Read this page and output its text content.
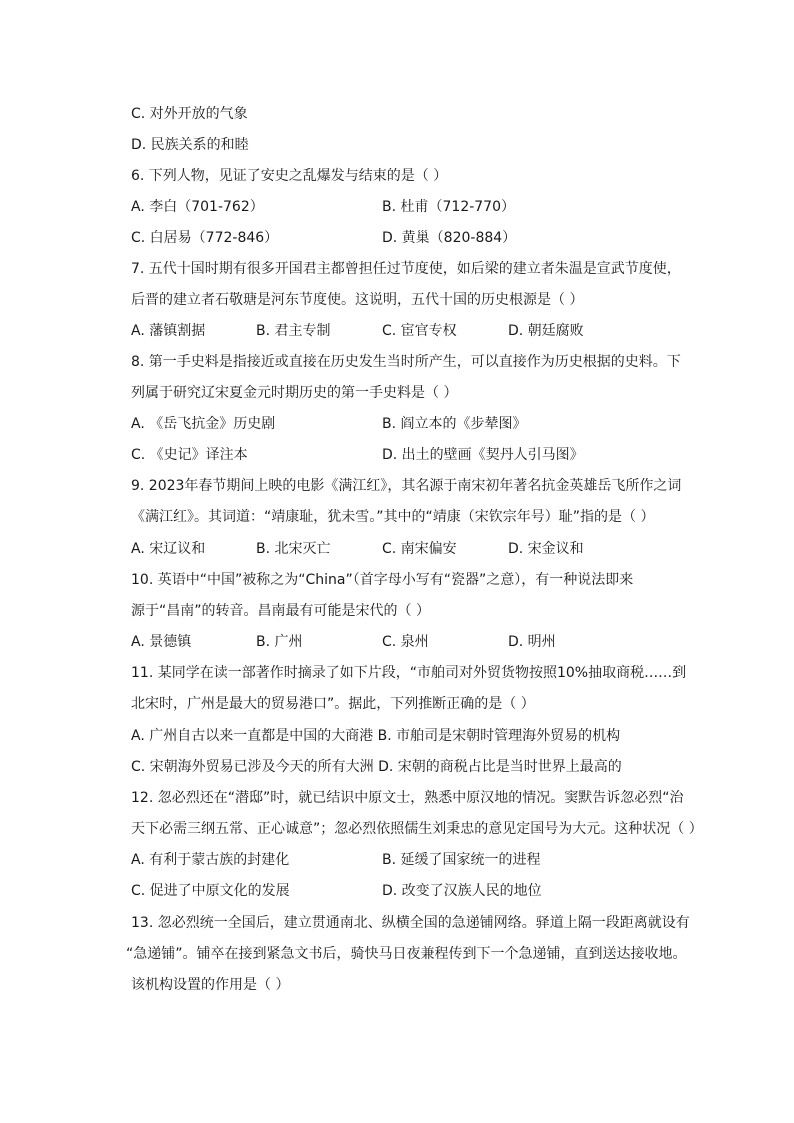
C. 对外开放的气象
D. 民族关系的和睦
6. 下列人物，见证了安史之乱爆发与结束的是（ ）
A. 李白（701-762）	B. 杜甫（712-770）
C. 白居易（772-846）	D. 黄巢（820-884）
7. 五代十国时期有很多开国君主都曾担任过节度使，如后梁的建立者朱温是宣武节度使，
后晋的建立者石敬瑭是河东节度使。这说明，五代十国的历史根源是（ ）
A. 藩镇割据	B. 君主专制	C. 宦官专权	D. 朝廷腐败
8. 第一手史料是指接近或直接在历史发生当时所产生，可以直接作为历史根据的史料。下
列属于研究辽宋夏金元时期历史的第一手史料是（ ）
A. 《岳飞抗金》历史剧	B. 阎立本的《步辇图》
C. 《史记》译注本	D. 出土的壁画《契丹人引马图》
9. 2023年春节期间上映的电影《满江红》，其名源于南宋初年著名抗金英雄岳飞所作之词
《满江红》。其词道：“靖康耻，犹未雪。”其中的“靖康（宋钦宗年号）耻”指的是（ ）
A. 宋辽议和	B. 北宋灭亡	C. 南宋偏安	D. 宋金议和
10. 英语中“中国”被称之为“China”（首字母小写有“瓷器”之意），有一种说法即来
源于“昌南”的转音。昌南最有可能是宋代的（ ）
A. 景德镇	B. 广州	C. 泉州	D. 明州
11. 某同学在读一部著作时摘录了如下片段，“市舶司对外贸货物按照10%抽取商税……到
北宋时，广州是最大的贸易港口”。据此，下列推断正确的是（ ）
A. 广州自古以来一直都是中国的大商港 B. 市舶司是宋朝时管理海外贸易的机构
C. 宋朝海外贸易已涉及今天的所有大洲 D. 宋朝的商税占比是当时世界上最高的
12. 忽必烈还在“潜邸”时，就已结识中原文士，熟悉中原汉地的情况。窦默告诉忽必烈“治
天下必需三纲五常、正心诚意”；忽必烈依照儒生刘秉忠的意见定国号为大元。这种状况（ ）
A. 有利于蒙古族的封建化	B. 延缓了国家统一的进程
C. 促进了中原文化的发展	D. 改变了汉族人民的地位
13. 忽必烈统一全国后，建立贯通南北、纵横全国的急递铺网络。驿道上隔一段距离就设有
“急递铺”。铺卒在接到紧急文书后，骑快马日夜兼程传到下一个急递铺，直到送达接收地。
该机构设置的作用是（ ）
